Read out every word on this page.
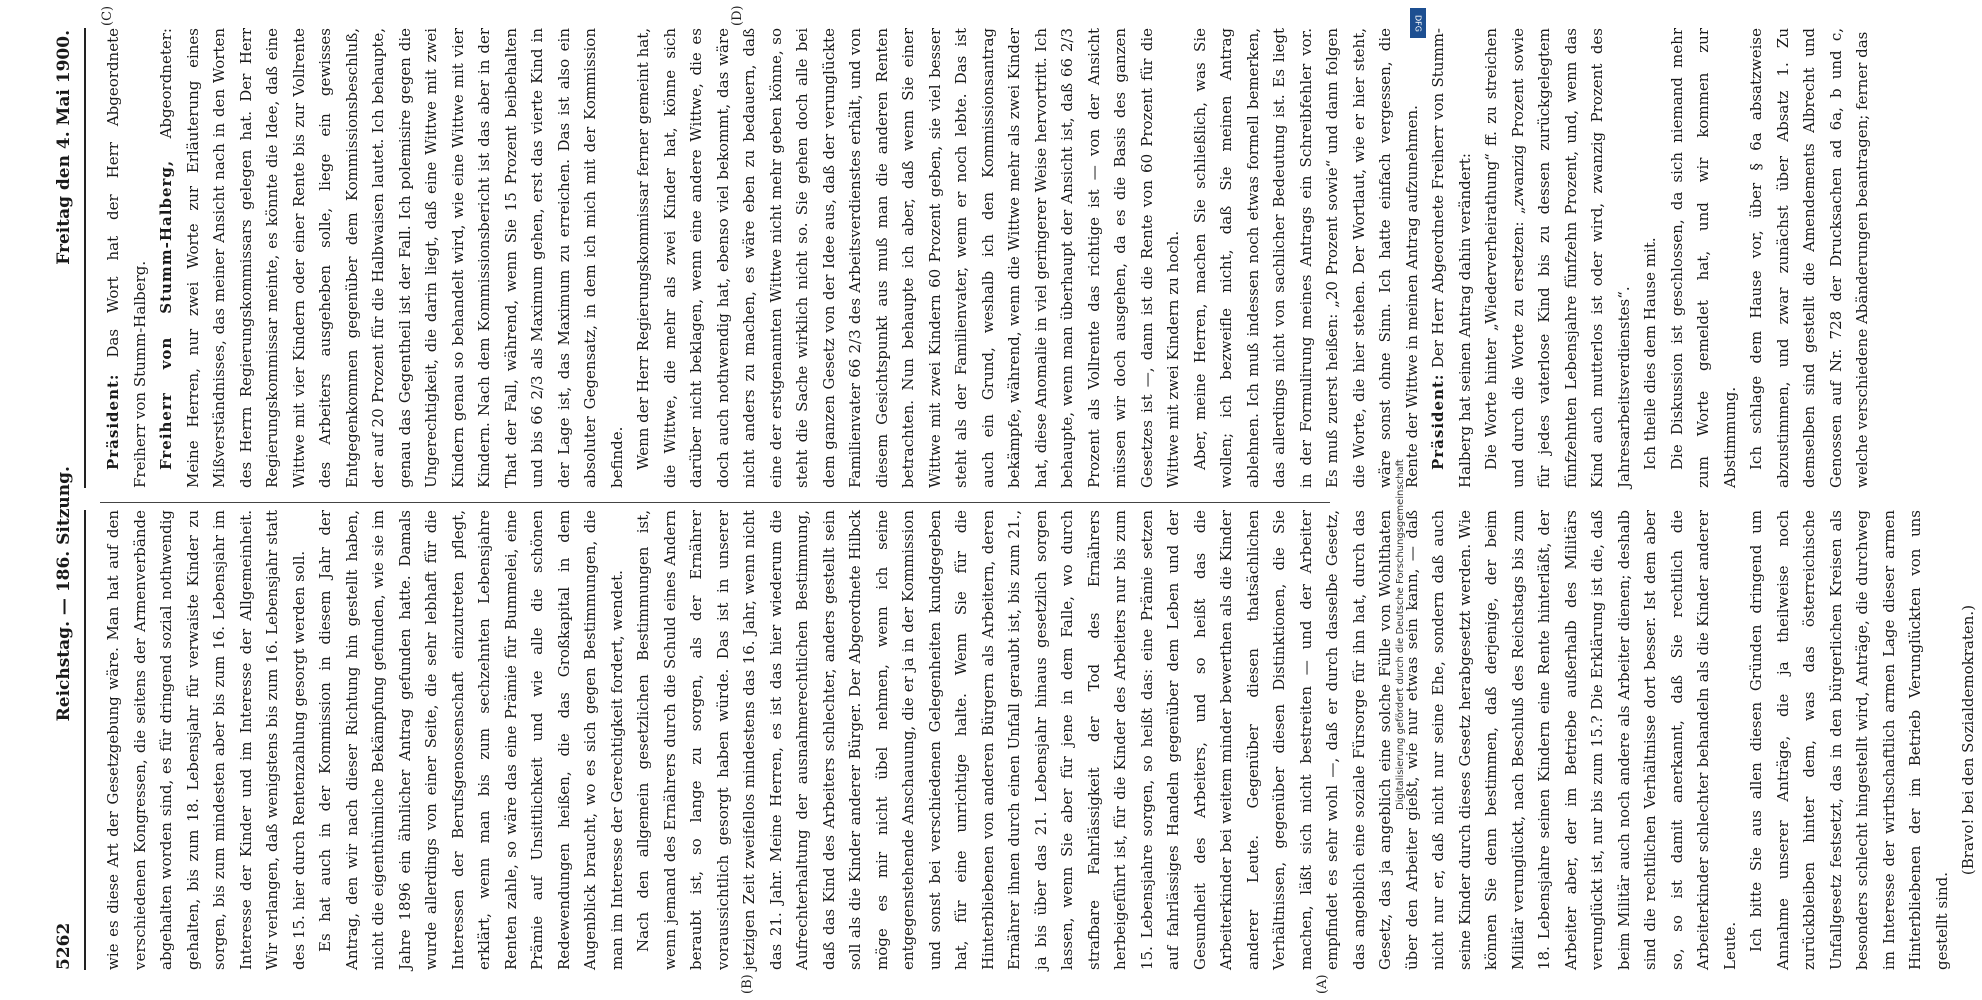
5262
Reichstag. — 186. Sitzung.
Freitag den 4. Mai 1900.
(A)
(B)
(C)	(D)

wie es diese Art der Gesetzgebung wäre. Man hat auf den verschiedenen Kongressen, die seitens der Armenverbände abgehalten worden sind, es für dringend sozial nothwendig gehalten, bis zum 18. Lebensjahr für verwaiste Kinder zu sorgen, bis zum mindesten aber bis zum 16. Lebensjahr im Interesse der Kinder und im Interesse der Allgemeinheit. Wir verlangen, daß wenigstens bis zum 16. Lebensjahr statt des 15. hier durch Rentenzahlung gesorgt werden soll. Es hat auch in der Kommission in diesem Jahr der Antrag, den wir nach dieser Richtung hin gestellt haben, nicht die eigenthümliche Bekämpfung gefunden, wie sie im Jahre 1896 ein ähnlicher Antrag gefunden hatte. Damals wurde allerdings von einer Seite, die sehr lebhaft für die Interessen der Berufsgenossenschaft einzutreten pflegt, erklärt, wenn man bis zum sechzehnten Lebensjahre Renten zahle, so wäre das eine Prämie für Bummelei, eine Prämie auf Unsittlichkeit und wie alle die schönen Redewendungen heißen, die das Großkapital in dem Augenblick braucht, wo es sich gegen Bestimmungen, die man im Interesse der Gerechtigkeit fordert, wendet. Nach den allgemein gesetzlichen Bestimmungen ist, wenn jemand des Ernährers durch die Schuld eines Andern beraubt ist, so lange zu sorgen, als der Ernährer voraussichtlich gesorgt haben würde. Das ist in unserer jetzigen Zeit zweifellos mindestens das 16. Jahr, wenn nicht das 21. Jahr. Meine Herren, es ist das hier wiederum die Aufrechterhaltung der ausnahmerechtlichen Bestimmung, daß das Kind des Arbeiters schlechter, anders gestellt sein soll als die Kinder anderer Bürger. Der Abgeordnete Hilbck möge es mir nicht übel nehmen, wenn ich seine entgegenstehende Anschauung, die er ja in der Kommission und sonst bei verschiedenen Gelegenheiten kundgegeben hat, für eine unrichtige halte. Wenn Sie für die Hinterbliebenen von anderen Bürgern als Arbeitern, deren Ernährer ihnen durch einen Unfall geraubt ist, bis zum 21., ja bis über das 21. Lebensjahr hinaus gesetzlich sorgen lassen, wenn Sie aber für jene in dem Falle, wo durch strafbare Fahrlässigkeit der Tod des Ernährers herbeigeführt ist, für die Kinder des Arbeiters nur bis zum 15. Lebensjahre sorgen, so heißt das: eine Prämie setzen auf fahrlässiges Handeln gegenüber dem Leben und der Gesundheit des Arbeiters, und so heißt das die Arbeiterkinder bei weitem minder bewerthen als die Kinder anderer Leute. Gegenüber diesen thatsächlichen Verhältnissen, gegenüber diesen Distinktionen, die Sie machen, läßt sich nicht bestreiten — und der Arbeiter empfindet es sehr wohl —, daß er durch dasselbe Gesetz, das angeblich eine soziale Fürsorge für ihn hat, durch das Gesetz, das ja angeblich eine solche Fülle von Wohlthaten über den Arbeiter gießt, wie nur etwas sein kann, — daß nicht nur er, daß nicht nur seine Ehe, sondern daß auch seine Kinder durch dieses Gesetz herabgesetzt werden. Wie können Sie denn bestimmen, daß derjenige, der beim Militär verunglückt, nach Beschluß des Reichstags bis zum 18. Lebensjahre seinen Kindern eine Rente hinterläßt, der Arbeiter aber, der im Betriebe außerhalb des Militärs verunglückt ist, nur bis zum 15.? Die Erklärung ist die, daß beim Militär auch noch andere als Arbeiter dienen; deshalb sind die rechtlichen Verhältnisse dort besser. Ist dem aber so, so ist damit anerkannt, daß Sie rechtlich die Arbeiterkinder schlechter behandeln als die Kinder anderer Leute. Ich bitte Sie aus allen diesen Gründen dringend um Annahme unserer Anträge, die ja theilweise noch zurückbleiben hinter dem, was das österreichische Unfallgesetz festsetzt, das in den bürgerlichen Kreisen als besonders schlecht hingestellt wird, Anträge, die durchweg im Interesse der wirthschaftlich armen Lage dieser armen Hinterbliebenen der im Betrieb Verunglückten von uns gestellt sind.

(Bravo! bei den Sozialdemokraten.)

Präsident: Das Wort hat der Herr Abgeordnete Freiherr von Stumm-Halberg. Freiherr von Stumm-Halberg, Abgeordneter: Meine Herren, nur zwei Worte zur Erläuterung eines Mißverständnisses, das meiner Ansicht nach in den Worten des Herrn Regierungskommissars gelegen hat. Der Herr Regierungskommissar meinte, es könnte die Idee, daß eine Wittwe mit vier Kindern oder einer Rente bis zur Vollrente des Arbeiters ausgeheben solle, liege ein gewisses Entgegenkommen gegenüber dem Kommissionsbeschluß, der auf 20 Prozent für die Halbwaisen lautet. Ich behaupte, genau das Gegentheil ist der Fall. Ich polemisire gegen die Ungerechtigkeit, die darin liegt, daß eine Wittwe mit zwei Kindern genau so behandelt wird, wie eine Wittwe mit vier Kindern. Nach dem Kommissionsbericht ist das aber in der That der Fall, während, wenn Sie 15 Prozent beibehalten und bis 66 2/3 als Maximum gehen, erst das vierte Kind in der Lage ist, das Maximum zu erreichen. Das ist also ein absoluter Gegensatz, in dem ich mich mit der Kommission befinde. Wenn der Herr Regierungskommissar ferner gemeint hat, die Wittwe, die mehr als zwei Kinder hat, könne sich darüber nicht beklagen, wenn eine andere Wittwe, die es doch auch nothwendig hat, ebenso viel bekommt, das wäre nicht anders zu machen, es wäre eben zu bedauern, daß eine der erstgenannten Wittwe nicht mehr geben könne, so steht die Sache wirklich nicht so. Sie gehen doch alle bei dem ganzen Gesetz von der Idee aus, daß der verunglückte Familienvater 66 2/3 des Arbeitsverdienstes erhält, und von diesem Gesichtspunkt aus muß man die anderen Renten betrachten. Nun behaupte ich aber, daß wenn Sie einer Wittwe mit zwei Kindern 60 Prozent geben, sie viel besser steht als der Familienvater, wenn er noch lebte. Das ist auch ein Grund, weshalb ich den Kommissionsantrag bekämpfe, während, wenn die Wittwe mehr als zwei Kinder hat, diese Anomalie in viel geringerer Weise hervortritt. Ich behaupte, wenn man überhaupt der Ansicht ist, daß 66 2/3 Prozent als Vollrente das richtige ist — von der Ansicht müssen wir doch ausgehen, da es die Basis des ganzen Gesetzes ist —, dann ist die Rente von 60 Prozent für die Wittwe mit zwei Kindern zu hoch. Aber, meine Herren, machen Sie schließlich, was Sie wollen; ich bezweifle nicht, daß Sie meinen Antrag ablehnen. Ich muß indessen noch etwas formell bemerken, das allerdings nicht von sachlicher Bedeutung ist. Es liegt in der Formulirung meines Antrags ein Schreibfehler vor. Es muß zuerst heißen: „20 Prozent sowie“ und dann folgen die Worte, die hier stehen. Der Wortlaut, wie er hier steht, wäre sonst ohne Sinn. Ich hatte einfach vergessen, die Rente der Wittwe in meinen Antrag aufzunehmen. Präsident: Der Herr Abgeordnete Freiherr von Stumm-Halberg hat seinen Antrag dahin verändert: Die Worte hinter „Wiederverheirathung“ ff. zu streichen und durch die Worte zu ersetzen: „zwanzig Prozent sowie für jedes vaterlose Kind bis zu dessen zurückgelegtem fünfzehnten Lebensjahre fünfzehn Prozent, und, wenn das Kind auch mutterlos ist oder wird, zwanzig Prozent des Jahresarbeitsverdienstes“. Ich theile dies dem Hause mit. Die Diskussion ist geschlossen, da sich niemand mehr zum Worte gemeldet hat, und wir kommen zur Abstimmung. Ich schlage dem Hause vor, über § 6a absatzweise abzustimmen, und zwar zunächst über Absatz 1. Zu demselben sind gestellt die Amendements Albrecht und Genossen auf Nr. 728 der Drucksachen ad 6a, b und c, welche verschiedene Abänderungen beantragen; ferner das

DFG
Digitalisierung gefördert durch die Deutsche Forschungsgemeinschaft
